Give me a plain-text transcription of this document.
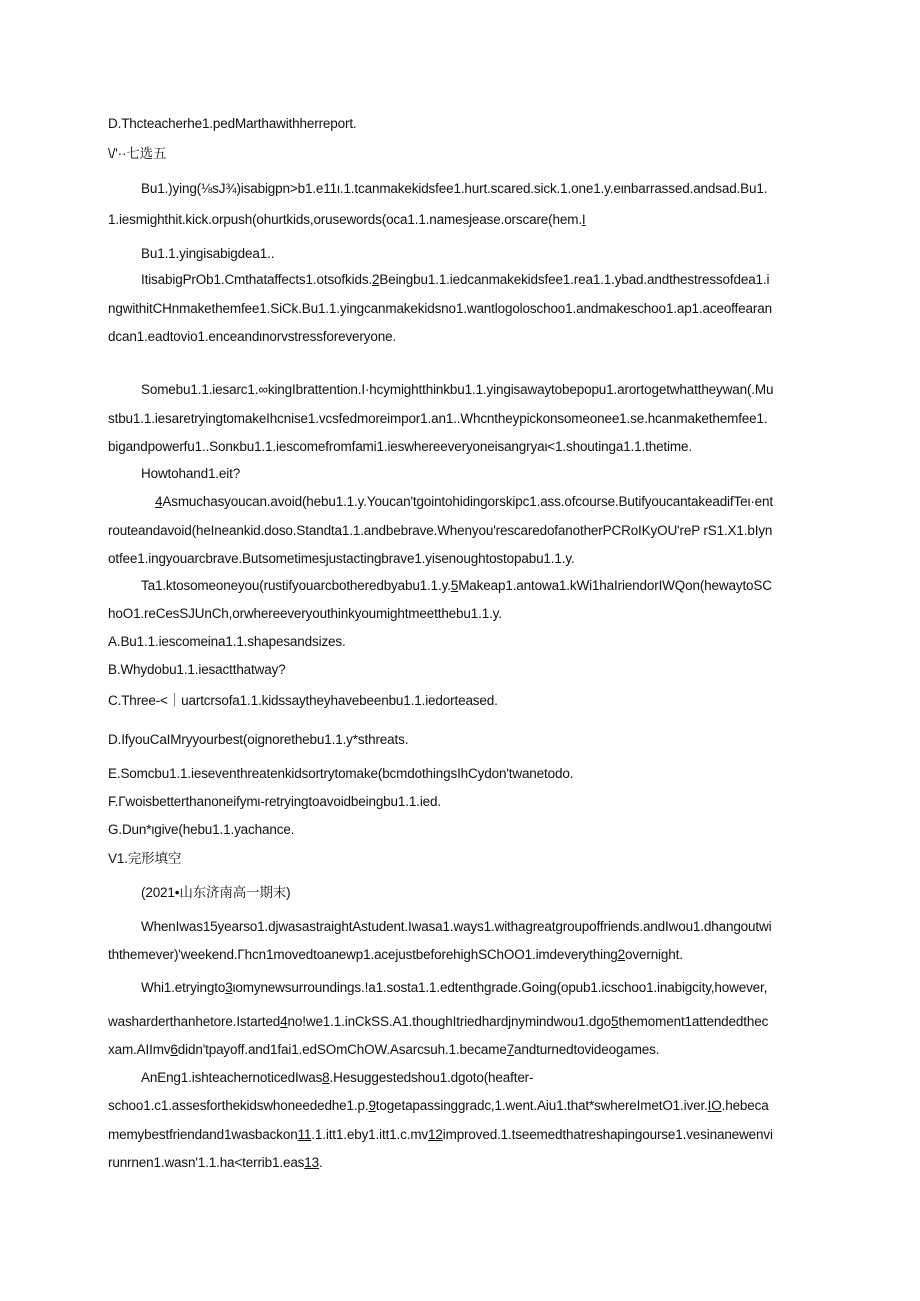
D.Thcteacherhe1.pedMarthawithherreport.
\/'··七选五
Bu1.)ying(⅛sJ¾)isabigpn>b1.e11ι.1.tcanmakekidsfee1.hurt.scared.sick.1.one1.y.eιnbarrassed.andsad.Bu1.
1.iesmighthit.kick.orpush(ohurtkids,orusewords(oca1.1.namesjease.orscare(hem.I
Bu1.1.yingisabigdea1..
ItisabigPrOb1.Cmthataffects1.otsofkids.2Beingbu1.1.iedcanmakekidsfee1.rea1.1.ybad.andthestressofdea1.i
ngwithitCHnmakethemfee1.SiCk.Bu1.1.yingcanmakekidsno1.wantlogoloschoo1.andmakeschoo1.ap1.aceoffearan
dcan1.eadtovio1.enceandιnorvstressforeveryone.
Somebu1.1.iesarc1.∞kingIbrattention.I·hcymightthinkbu1.1.yingisawaytobepopu1.arortogetwhattheywan(.Mu
stbu1.1.iesaretryingtomakeIhcnise1.vcsfedmoreimpor1.an1..Whcntheypickonsomeonee1.se.hcanmakethemfee1.
bigandpowerfu1..Sonκbu1.1.iescomefromfami1.ieswhereeveryoneisangryaι<1.shoutinga1.1.thetime.
Howtohand1.eit?
4Asmuchasyoucan.avoid(hebu1.1.y.Youcan'tgointohidingorskipc1.ass.ofcourse.ButifyoucantakeadifTeι·ent
routeandavoid(heIneankid.doso.Standta1.1.andbebrave.Whenyou'rescaredofanotherPCRoIKyOU'reP rS1.X1.bIyn
otfee1.ingyouarcbrave.Butsometimesjustactingbrave1.yisenoughtostopabu1.1.y.
Ta1.ktosomeoneyou(rustifyouarcbotheredbyabu1.1.y.5Makeap1.antowa1.kWi1haIriendorIWQon(hewaytoSC
hoO1.reCesSJUnCh,orwhereeveryouthinkyoumightmeetthebu1.1.y.
A.Bu1.1.iescomeina1.1.shapesandsizes.
B.Whydobu1.1.iesactthatway?
C.Three-<｜uartcrsofa1.1.kidssaytheyhavebeenbu1.1.iedorteased.
D.IfyouCaIMryyourbest(oignorethebu1.1.y*sthreats.
E.Somcbu1.1.ieseventhreatenkidsortrytomake(bcmdothingsIhCydon'twanetodo.
F.Γwoisbetterthanoneifymι-retryingtoavoidbeingbu1.1.ied.
G.Dun*ιgive(hebu1.1.yachance.
V1.完形填空
(2021•山东济南高一期末)
WhenIwas15yearso1.djwasastraightAstudent.Iwasa1.ways1.withagreatgroupoffriends.andIwou1.dhangoutwi
ththemever)'weekend.Γhcn1movedtoanewp1.acejustbeforehighSChOO1.imdeverything2overnight.
Whi1.etryingto3ιomynewsurroundings.!a1.sosta1.1.edtenthgrade.Going(opub1.icschoo1.inabigcity,however,
washarderthanhetore.Istarted4no!we1.1.inCkSS.A1.thoughItriedhardjnymindwou1.dgo5themoment1attendedthec
xam.AIImv6didn'tpayoff.and1fai1.edSOmChOW.Asarcsuh.1.became7andturnedtovideogames.
AnEng1.ishteachernoticedIwas8.Hesuggestedshou1.dgoto(heafter-
schoo1.c1.assesforthekidswhoneededhe1.p.9togetapassinggradc,1.went.Aiu1.that*swhereImetO1.iver.IO.hebeca
memybestfriendand1wasbackon11.1.itt1.eby1.itt1.c.mv12improved.1.tseemedthatreshapingourse1.vesinanewenvi
runrnen1.wasn'1.1.ha<terrib1.eas13.
